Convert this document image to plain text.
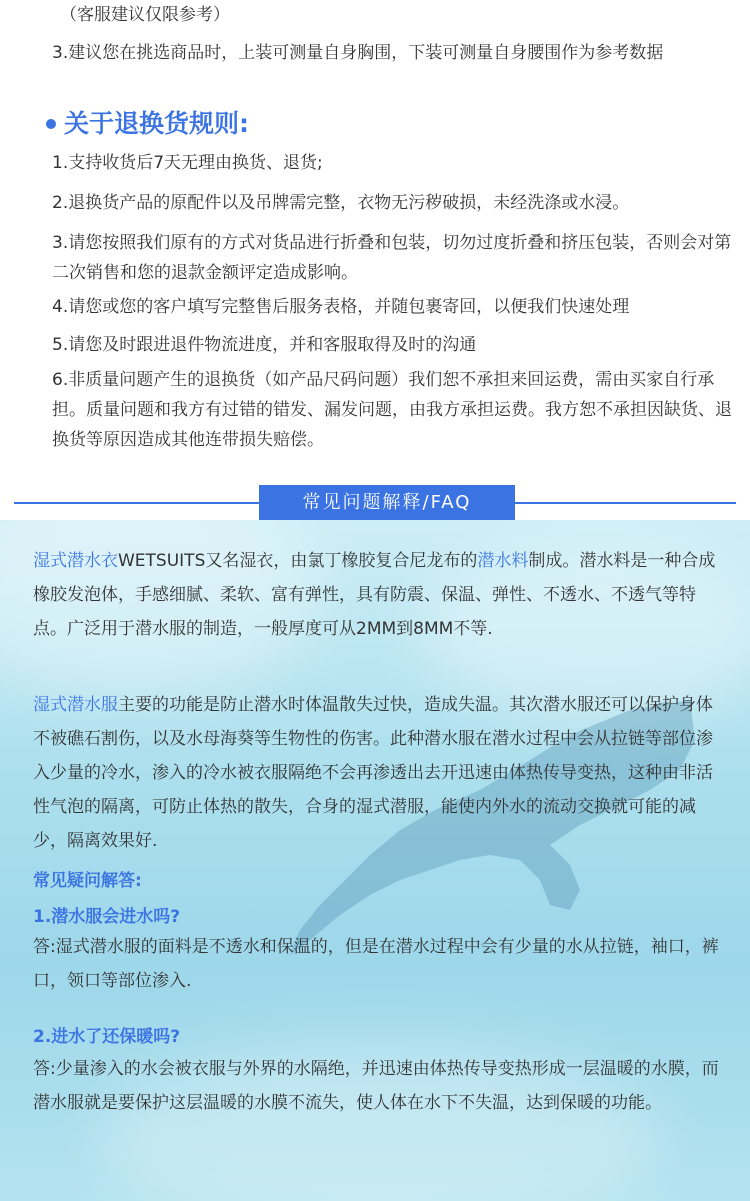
（客服建议仅限参考）

3.建议您在挑选商品时，上装可测量自身胸围，下装可测量自身腰围作为参考数据

关于退换货规则:

1.支持收货后7天无理由换货、退货;

2.退换货产品的原配件以及吊牌需完整，衣物无污秽破损，未经洗涤或水浸。

3.请您按照我们原有的方式对货品进行折叠和包装，切勿过度折叠和挤压包装，否则会对第二次销售和您的退款金额评定造成影响。

4.请您或您的客户填写完整售后服务表格，并随包裹寄回，以便我们快速处理

5.请您及时跟进退件物流进度，并和客服取得及时的沟通

6.非质量问题产生的退换货（如产品尺码问题）我们恕不承担来回运费，需由买家自行承担。质量问题和我方有过错的错发、漏发问题，由我方承担运费。我方恕不承担因缺货、退换货等原因造成其他连带损失赔偿。

常见问题解释/FAQ

湿式潜水衣WETSUITS又名湿衣，由氯丁橡胶复合尼龙布的潜水料制成。潜水料是一种合成橡胶发泡体，手感细腻、柔软、富有弹性，具有防震、保温、弹性、不透水、不透气等特点。广泛用于潜水服的制造，一般厚度可从2MM到8MM不等.

湿式潜水服主要的功能是防止潜水时体温散失过快，造成失温。其次潜水服还可以保护身体不被礁石割伤，以及水母海葵等生物性的伤害。此种潜水服在潜水过程中会从拉链等部位渗入少量的冷水，渗入的冷水被衣服隔绝不会再渗透出去开迅速由体热传导变热，这种由非活性气泡的隔离，可防止体热的散失，合身的湿式潜服，能使内外水的流动交换就可能的减少，隔离效果好.

常见疑问解答:

1.潜水服会进水吗?

答:湿式潜水服的面料是不透水和保温的，但是在潜水过程中会有少量的水从拉链，袖口，裤口，领口等部位渗入.

2.进水了还保暖吗?

答:少量渗入的水会被衣服与外界的水隔绝，并迅速由体热传导变热形成一层温暖的水膜，而潜水服就是要保护这层温暖的水膜不流失，使人体在水下不失温，达到保暖的功能。
